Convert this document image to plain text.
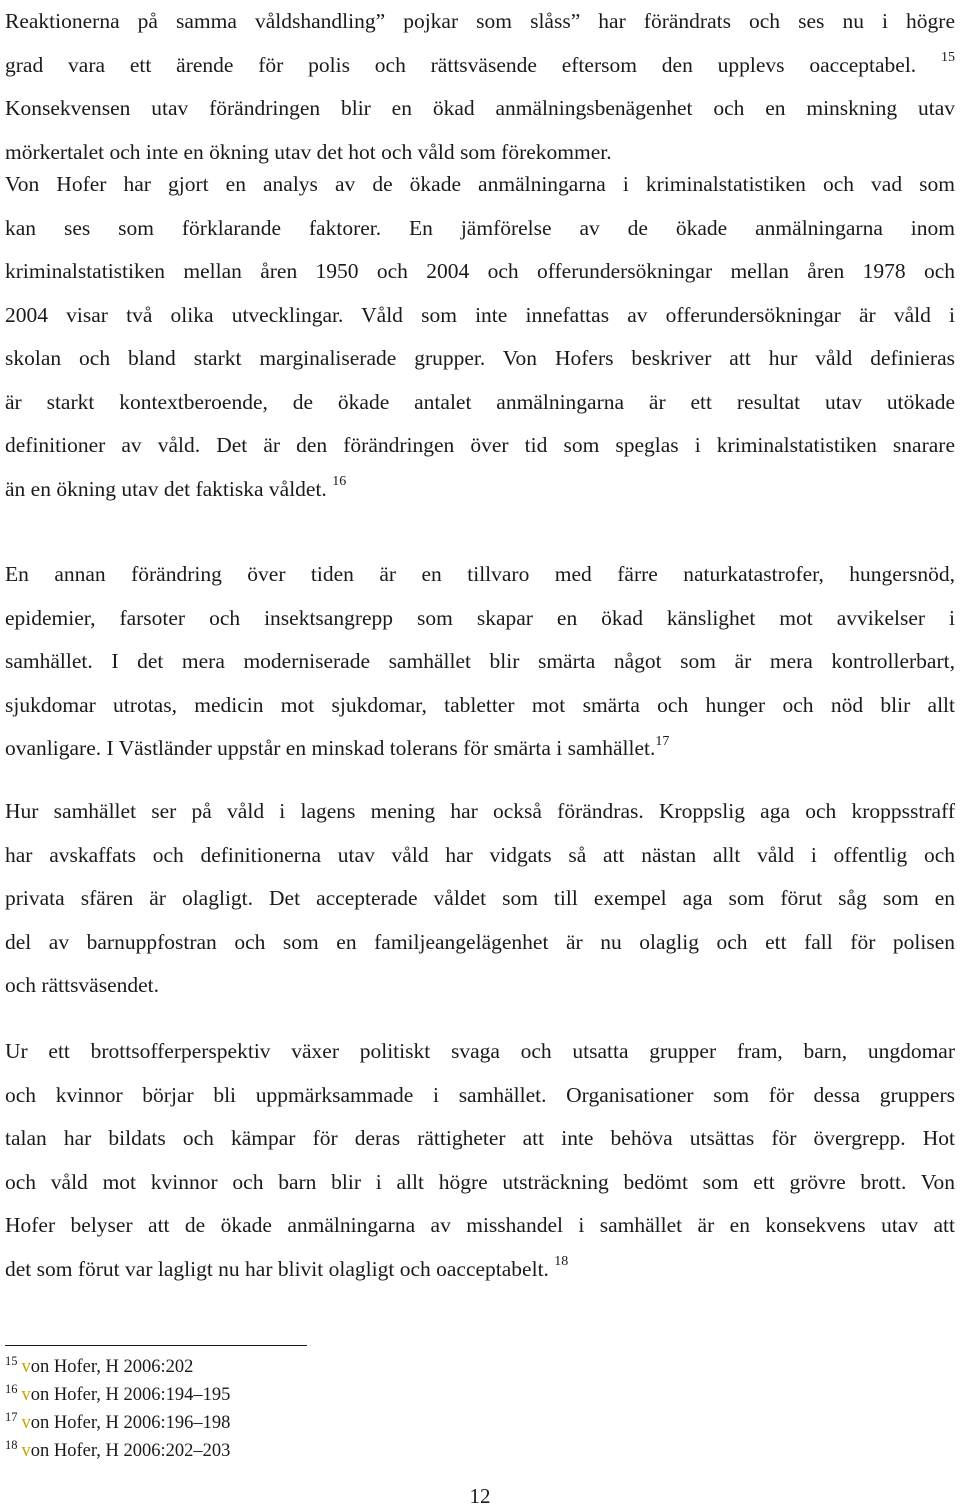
Reaktionerna på samma våldshandling” pojkar som slåss” har förändrats och ses nu i högre
grad vara ett ärende för polis och rättsväsende eftersom den upplevs oacceptabel. $^{15}$
Konsekvensen utav förändringen blir en ökad anmälningsbenägenhet och en minskning utav
mörkertalet och inte en ökning utav det hot och våld som förekommer.

Von Hofer har gjort en analys av de ökade anmälningarna i kriminalstatistiken och vad som
kan ses som förklarande faktorer. En jämförelse av de ökade anmälningarna inom
kriminalstatistiken mellan åren 1950 och 2004 och offerundersökningar mellan åren 1978 och
2004 visar två olika utvecklingar. Våld som inte innefattas av offerundersökningar är våld i
skolan och bland starkt marginaliserade grupper. Von Hofers beskriver att hur våld definieras
är starkt kontextberoende, de ökade antalet anmälningarna är ett resultat utav utökade
definitioner av våld. Det är den förändringen över tid som speglas i kriminalstatistiken snarare
än en ökning utav det faktiska våldet. $^{16}$

En annan förändring över tiden är en tillvaro med färre naturkatastrofer, hungersnöd,
epidemier, farsoter och insektsangrepp som skapar en ökad känslighet mot avvikelser i
samhället. I det mera moderniserade samhället blir smärta något som är mera kontrollerbart,
sjukdomar utrotas, medicin mot sjukdomar, tabletter mot smärta och hunger och nöd blir allt
ovanligare. I Västländer uppstår en minskad tolerans för smärta i samhället.$^{17}$

Hur samhället ser på våld i lagens mening har också förändras. Kroppslig aga och kroppsstraff
har avskaffats och definitionerna utav våld har vidgats så att nästan allt våld i offentlig och
privata sfären är olagligt. Det accepterade våldet som till exempel aga som förut såg som en
del av barnuppfostran och som en familjeangelägenhet är nu olaglig och ett fall för polisen
och rättsväsendet.

Ur ett brottsofferperspektiv växer politiskt svaga och utsatta grupper fram, barn, ungdomar
och kvinnor börjar bli uppmärksammade i samhället. Organisationer som för dessa gruppers
talan har bildats och kämpar för deras rättigheter att inte behöva utsättas för övergrepp. Hot
och våld mot kvinnor och barn blir i allt högre utsträckning bedömt som ett grövre brott. Von
Hofer belyser att de ökade anmälningarna av misshandel i samhället är en konsekvens utav att
det som förut var lagligt nu har blivit olagligt och oacceptabelt. $^{18}$

$^{15}$ von Hofer, H 2006:202
$^{16}$ von Hofer, H 2006:194–195
$^{17}$ von Hofer, H 2006:196–198
$^{18}$ von Hofer, H 2006:202–203
12
